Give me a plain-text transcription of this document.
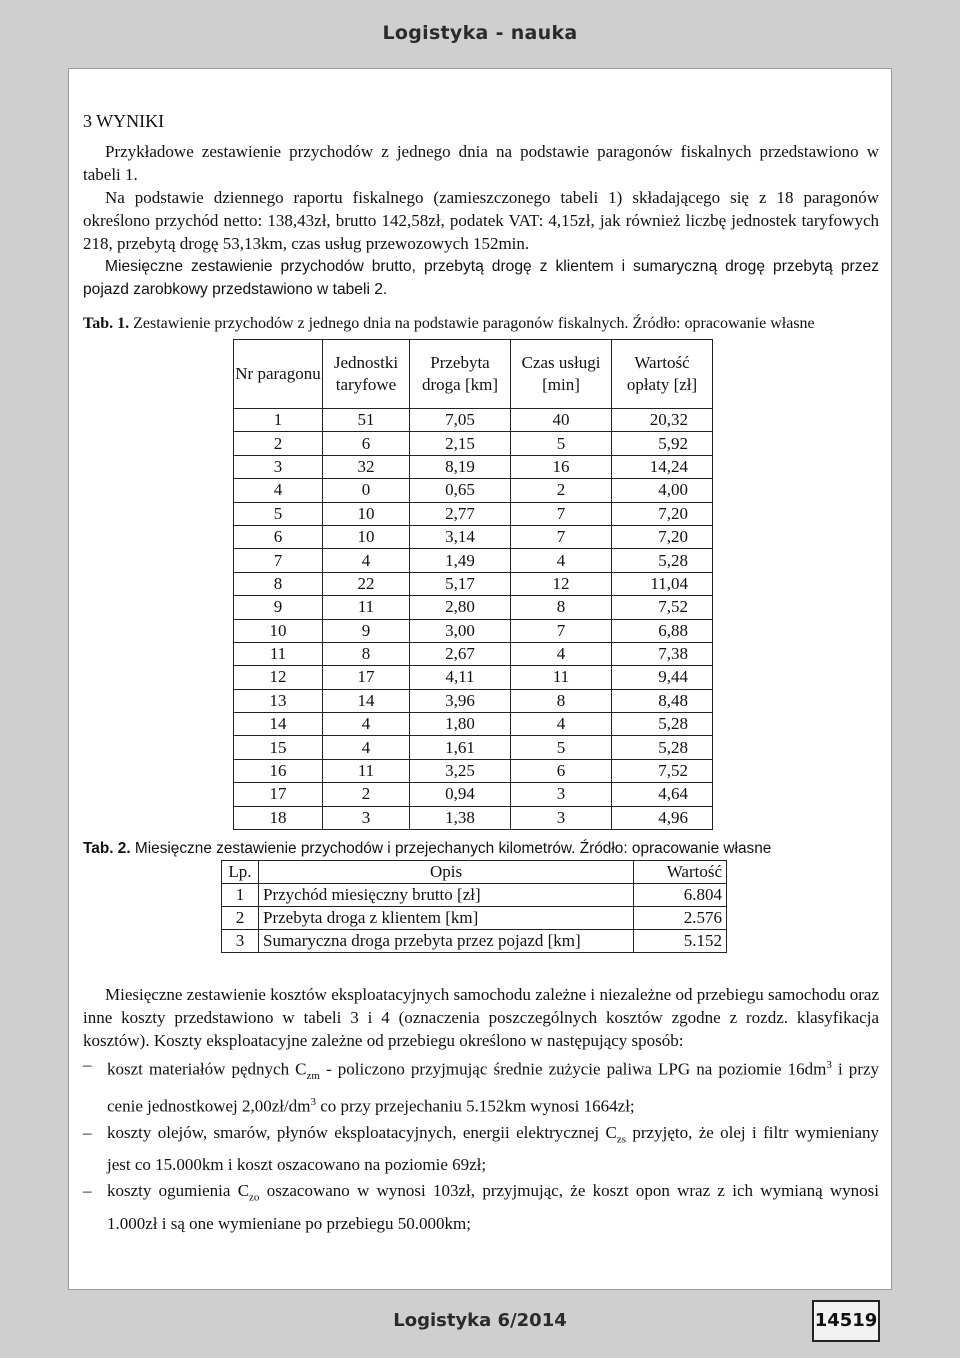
Logistyka - nauka
3 WYNIKI

Przykładowe zestawienie przychodów z jednego dnia na podstawie paragonów fiskalnych przedstawiono w tabeli 1.

Na podstawie dziennego raportu fiskalnego (zamieszczonego tabeli 1) składającego się z 18 paragonów określono przychód netto: 138,43zł, brutto 142,58zł, podatek VAT: 4,15zł, jak również liczbę jednostek taryfowych 218, przebytą drogę 53,13km, czas usług przewozowych 152min.

Miesięczne zestawienie przychodów brutto, przebytą drogę z klientem i sumaryczną drogę przebytą przez pojazd zarobkowy przedstawiono w tabeli 2.

Tab. 1. Zestawienie przychodów z jednego dnia na podstawie paragonów fiskalnych. Źródło: opracowanie własne

Nr paragonu	Jednostki taryfowe	Przebyta droga [km]	Czas usługi [min]	Wartość opłaty [zł]
1	51	7,05	40	20,32
2	6	2,15	5	5,92
3	32	8,19	16	14,24
4	0	0,65	2	4,00
5	10	2,77	7	7,20
6	10	3,14	7	7,20
7	4	1,49	4	5,28
8	22	5,17	12	11,04
9	11	2,80	8	7,52
10	9	3,00	7	6,88
11	8	2,67	4	7,38
12	17	4,11	11	9,44
13	14	3,96	8	8,48
14	4	1,80	4	5,28
15	4	1,61	5	5,28
16	11	3,25	6	7,52
17	2	0,94	3	4,64
18	3	1,38	3	4,96

Tab. 2. Miesięczne zestawienie przychodów i przejechanych kilometrów. Źródło: opracowanie własne

Lp.	Opis	Wartość
1	Przychód miesięczny brutto [zł]	6.804
2	Przebyta droga z klientem [km]	2.576
3	Sumaryczna droga przebyta przez pojazd [km]	5.152

Miesięczne zestawienie kosztów eksploatacyjnych samochodu zależne i niezależne od przebiegu samochodu oraz inne koszty przedstawiono w tabeli 3 i 4 (oznaczenia poszczególnych kosztów zgodne z rozdz. klasyfikacja kosztów). Koszty eksploatacyjne zależne od przebiegu określono w następujący sposób:

– koszt materiałów pędnych $C_{zm}$ - policzono przyjmując średnie zużycie paliwa LPG na poziomie $16dm^3$ i przy cenie jednostkowej $2,00zł/dm^3$ co przy przejechaniu 5.152km wynosi 1664zł;

– koszty olejów, smarów, płynów eksploatacyjnych, energii elektrycznej $C_{zs}$ przyjęto, że olej i filtr wymieniany jest co 15.000km i koszt oszacowano na poziomie 69zł;

– koszty ogumienia $C_{zo}$ oszacowano w wynosi 103zł, przyjmując, że koszt opon wraz z ich wymianą wynosi 1.000zł i są one wymieniane po przebiegu 50.000km;

Logistyka 6/2014	14519
